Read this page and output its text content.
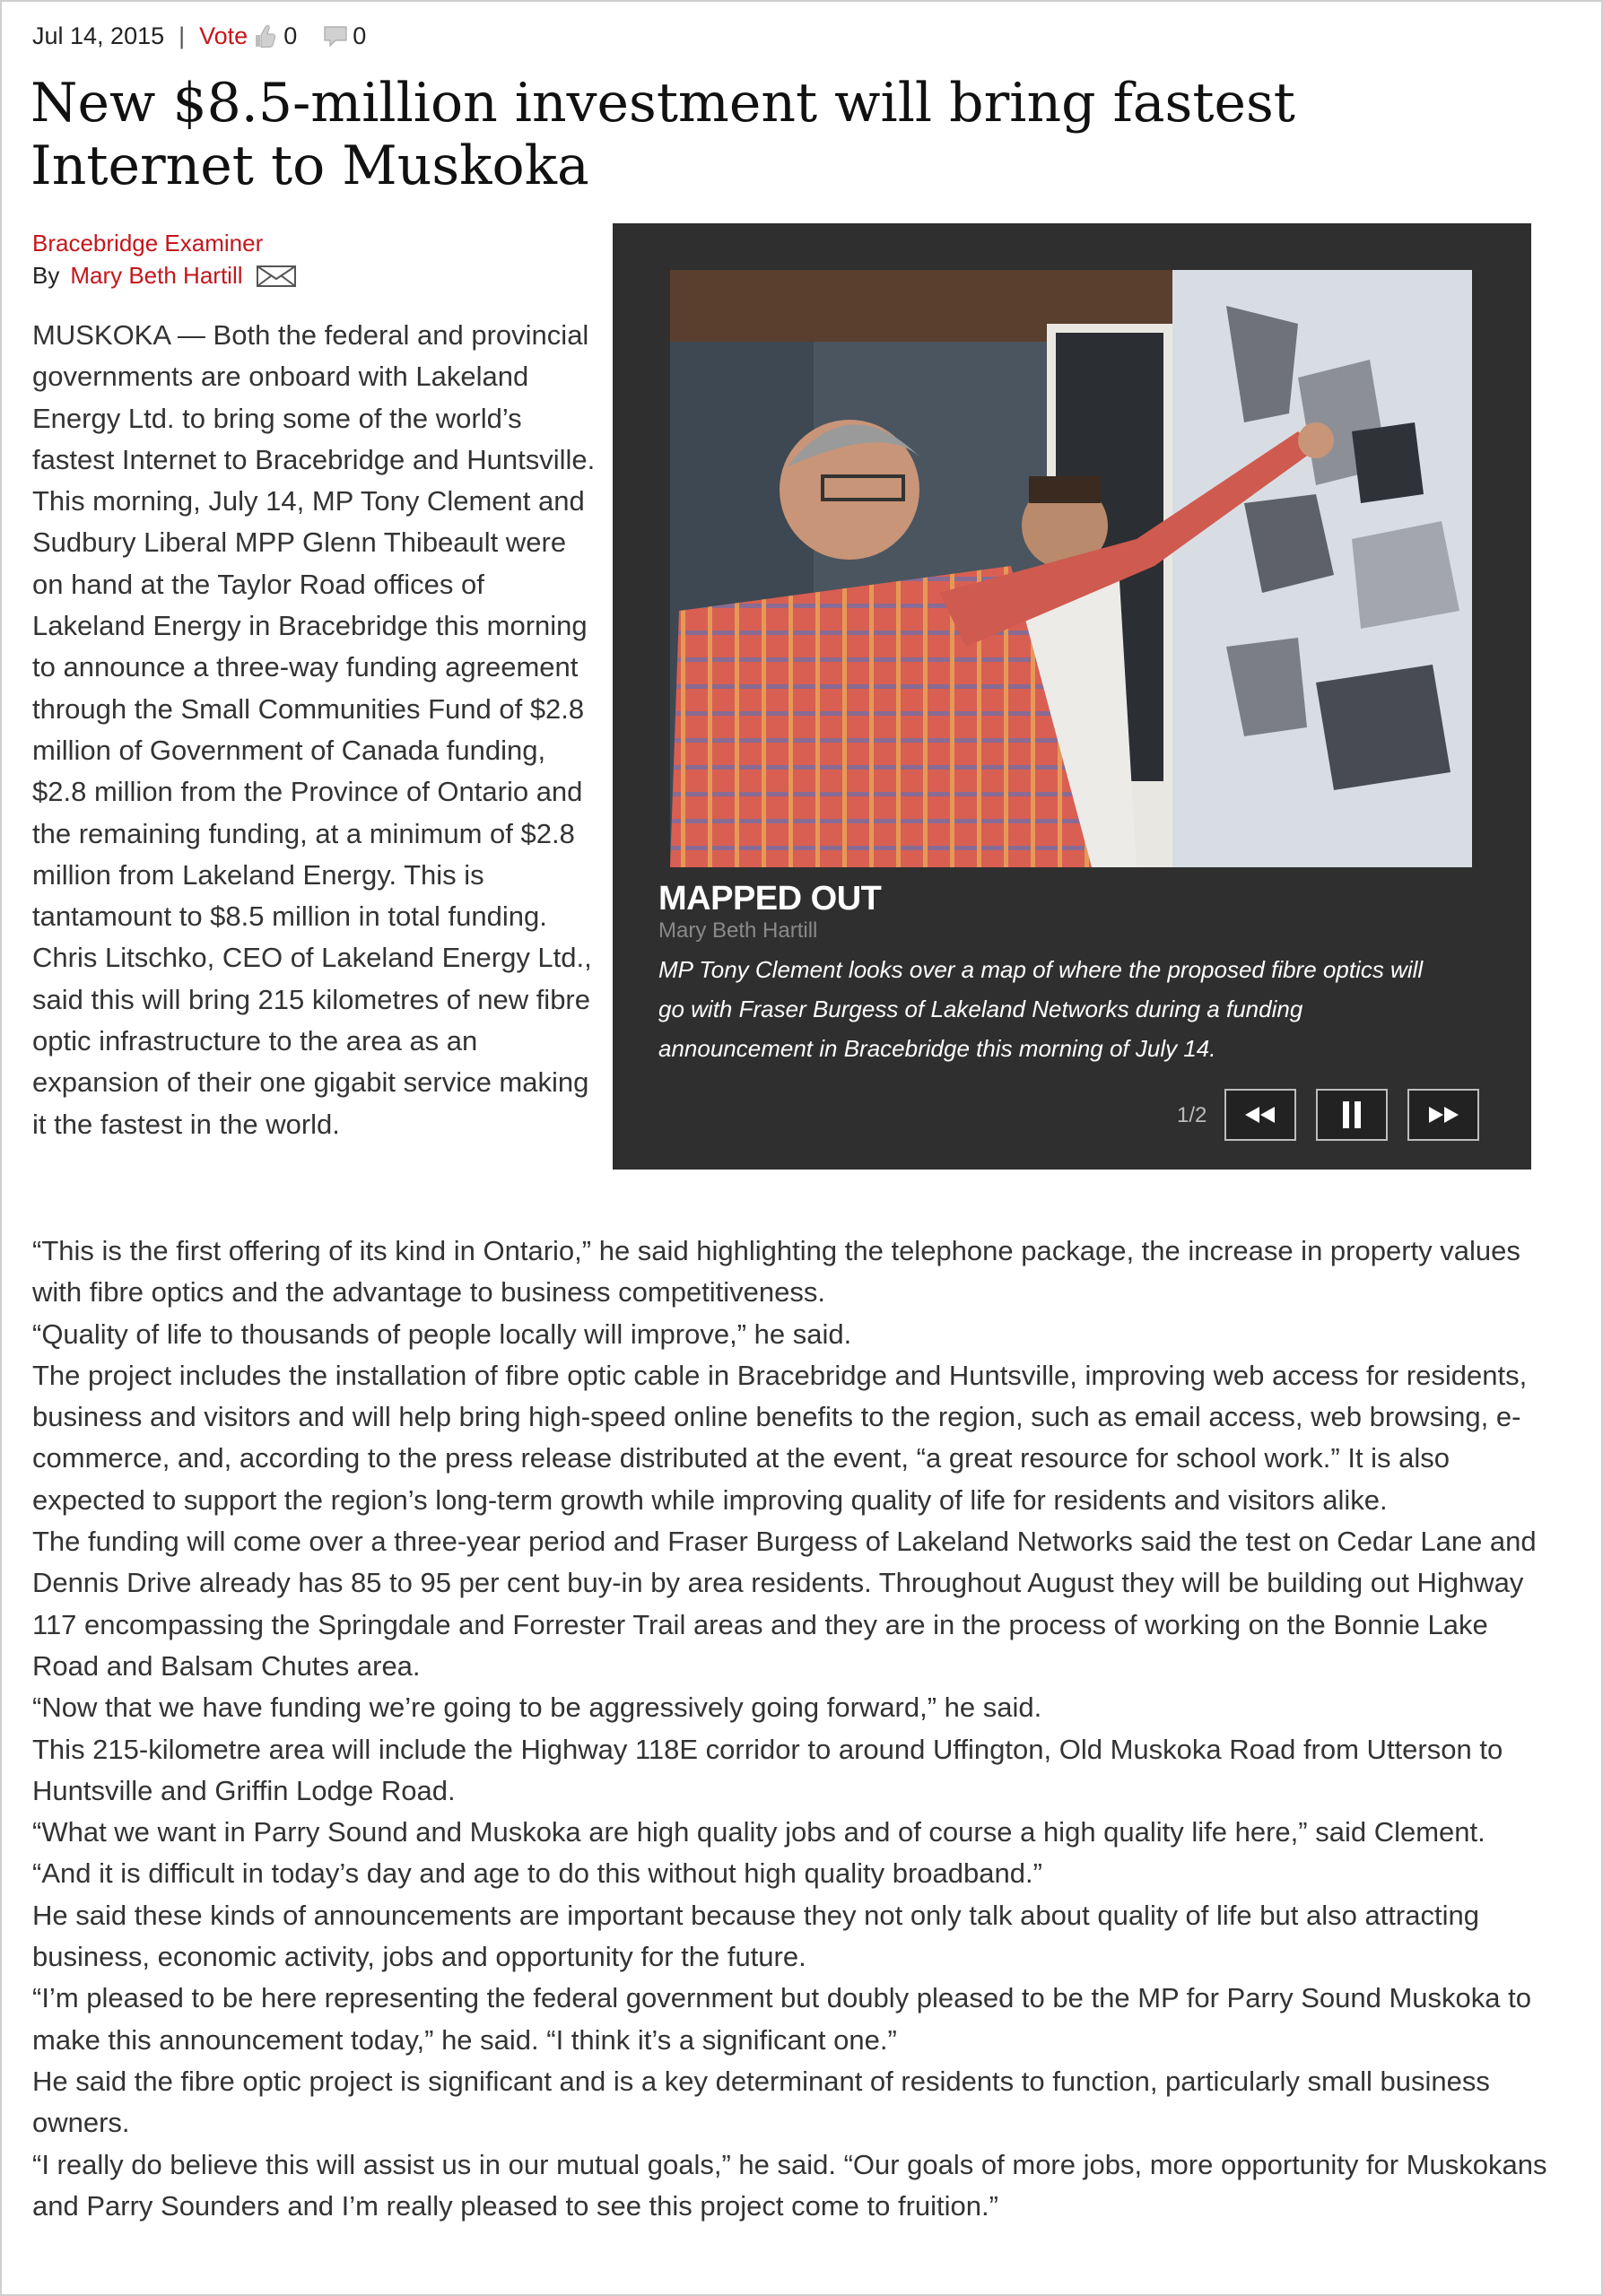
Jul 14, 2015 | Vote 0 0
New $8.5-million investment will bring fastest Internet to Muskoka
Bracebridge Examiner
By Mary Beth Hartill
MAPPED OUT
Mary Beth Hartill
MP Tony Clement looks over a map of where the proposed fibre optics will go with Fraser Burgess of Lakeland Networks during a funding announcement in Bracebridge this morning of July 14.
1/2

MUSKOKA — Both the federal and provincial governments are onboard with Lakeland Energy Ltd. to bring some of the world’s fastest Internet to Bracebridge and Huntsville.

This morning, July 14, MP Tony Clement and Sudbury Liberal MPP Glenn Thibeault were on hand at the Taylor Road offices of Lakeland Energy in Bracebridge this morning to announce a three-way funding agreement through the Small Communities Fund of $2.8 million of Government of Canada funding, $2.8 million from the Province of Ontario and the remaining funding, at a minimum of $2.8 million from Lakeland Energy. This is tantamount to $8.5 million in total funding.

Chris Litschko, CEO of Lakeland Energy Ltd., said this will bring 215 kilometres of new fibre optic infrastructure to the area as an expansion of their one gigabit service making it the fastest in the world.

“This is the first offering of its kind in Ontario,” he said highlighting the telephone package, the increase in property values with fibre optics and the advantage to business competitiveness.

“Quality of life to thousands of people locally will improve,” he said.

The project includes the installation of fibre optic cable in Bracebridge and Huntsville, improving web access for residents, business and visitors and will help bring high-speed online benefits to the region, such as email access, web browsing, e-commerce, and, according to the press release distributed at the event, “a great resource for school work.” It is also expected to support the region’s long-term growth while improving quality of life for residents and visitors alike.

The funding will come over a three-year period and Fraser Burgess of Lakeland Networks said the test on Cedar Lane and Dennis Drive already has 85 to 95 per cent buy-in by area residents. Throughout August they will be building out Highway 117 encompassing the Springdale and Forrester Trail areas and they are in the process of working on the Bonnie Lake Road and Balsam Chutes area.

“Now that we have funding we’re going to be aggressively going forward,” he said.

This 215-kilometre area will include the Highway 118E corridor to around Uffington, Old Muskoka Road from Utterson to Huntsville and Griffin Lodge Road.

“What we want in Parry Sound and Muskoka are high quality jobs and of course a high quality life here,” said Clement. “And it is difficult in today’s day and age to do this without high quality broadband.”

He said these kinds of announcements are important because they not only talk about quality of life but also attracting business, economic activity, jobs and opportunity for the future.

“I’m pleased to be here representing the federal government but doubly pleased to be the MP for Parry Sound Muskoka to make this announcement today,” he said. “I think it’s a significant one.”

He said the fibre optic project is significant and is a key determinant of residents to function, particularly small business owners.

“I really do believe this will assist us in our mutual goals,” he said. “Our goals of more jobs, more opportunity for Muskokans and Parry Sounders and I’m really pleased to see this project come to fruition.”
